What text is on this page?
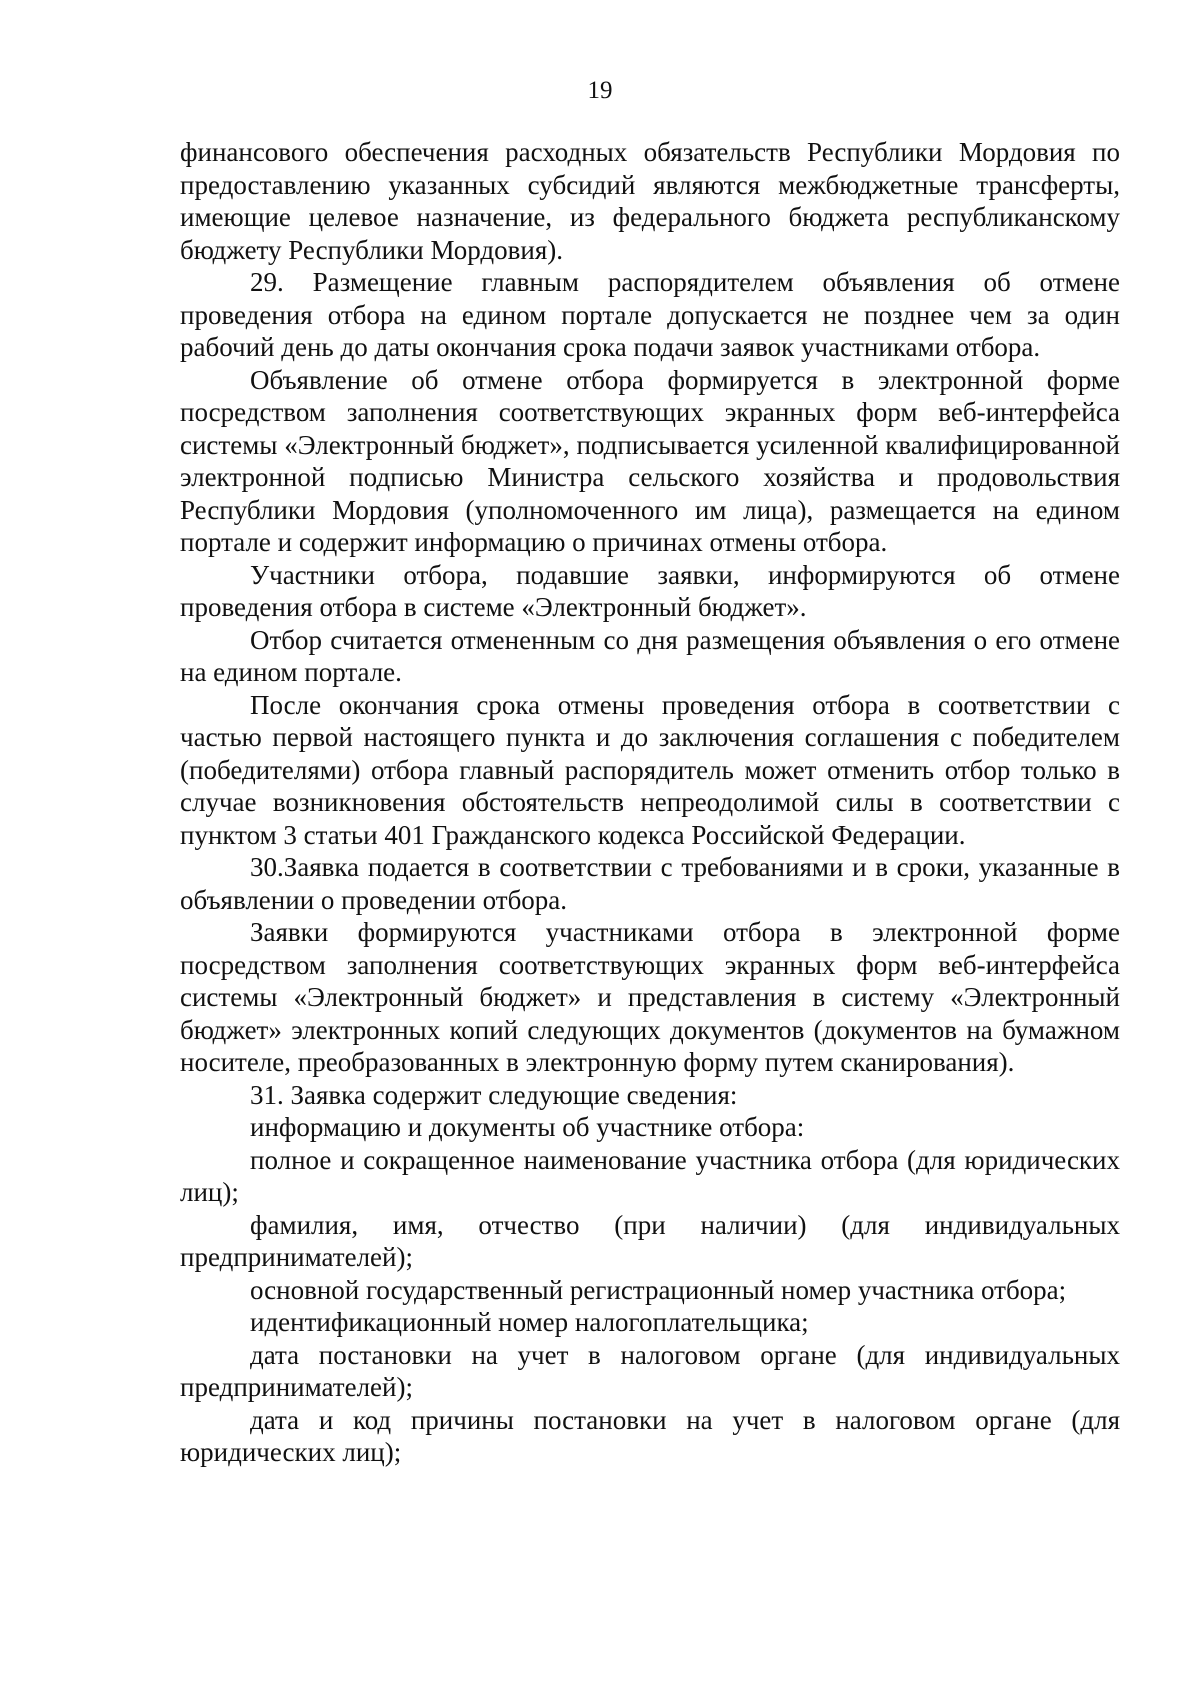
19

финансового обеспечения расходных обязательств Республики Мордовия по предоставлению указанных субсидий являются межбюджетные трансферты, имеющие целевое назначение, из федерального бюджета республиканскому бюджету Республики Мордовия).

29. Размещение главным распорядителем объявления об отмене проведения отбора на едином портале допускается не позднее чем за один рабочий день до даты окончания срока подачи заявок участниками отбора.

Объявление об отмене отбора формируется в электронной форме посредством заполнения соответствующих экранных форм веб-интерфейса системы «Электронный бюджет», подписывается усиленной квалифицированной электронной подписью Министра сельского хозяйства и продовольствия Республики Мордовия (уполномоченного им лица), размещается на едином портале и содержит информацию о причинах отмены отбора.

Участники отбора, подавшие заявки, информируются об отмене проведения отбора в системе «Электронный бюджет».

Отбор считается отмененным со дня размещения объявления о его отмене на едином портале.

После окончания срока отмены проведения отбора в соответствии с частью первой настоящего пункта и до заключения соглашения с победителем (победителями) отбора главный распорядитель может отменить отбор только в случае возникновения обстоятельств непреодолимой силы в соответствии с пунктом 3 статьи 401 Гражданского кодекса Российской Федерации.

30.Заявка подается в соответствии с требованиями и в сроки, указанные в объявлении о проведении отбора.

Заявки формируются участниками отбора в электронной форме посредством заполнения соответствующих экранных форм веб-интерфейса системы «Электронный бюджет» и представления в систему «Электронный бюджет» электронных копий следующих документов (документов на бумажном носителе, преобразованных в электронную форму путем сканирования).

31. Заявка содержит следующие сведения:

информацию и документы об участнике отбора:

полное и сокращенное наименование участника отбора (для юридических лиц);

фамилия, имя, отчество (при наличии) (для индивидуальных предпринимателей);

основной государственный регистрационный номер участника отбора;

идентификационный номер налогоплательщика;

дата постановки на учет в налоговом органе (для индивидуальных предпринимателей);

дата и код причины постановки на учет в налоговом органе (для юридических лиц);
